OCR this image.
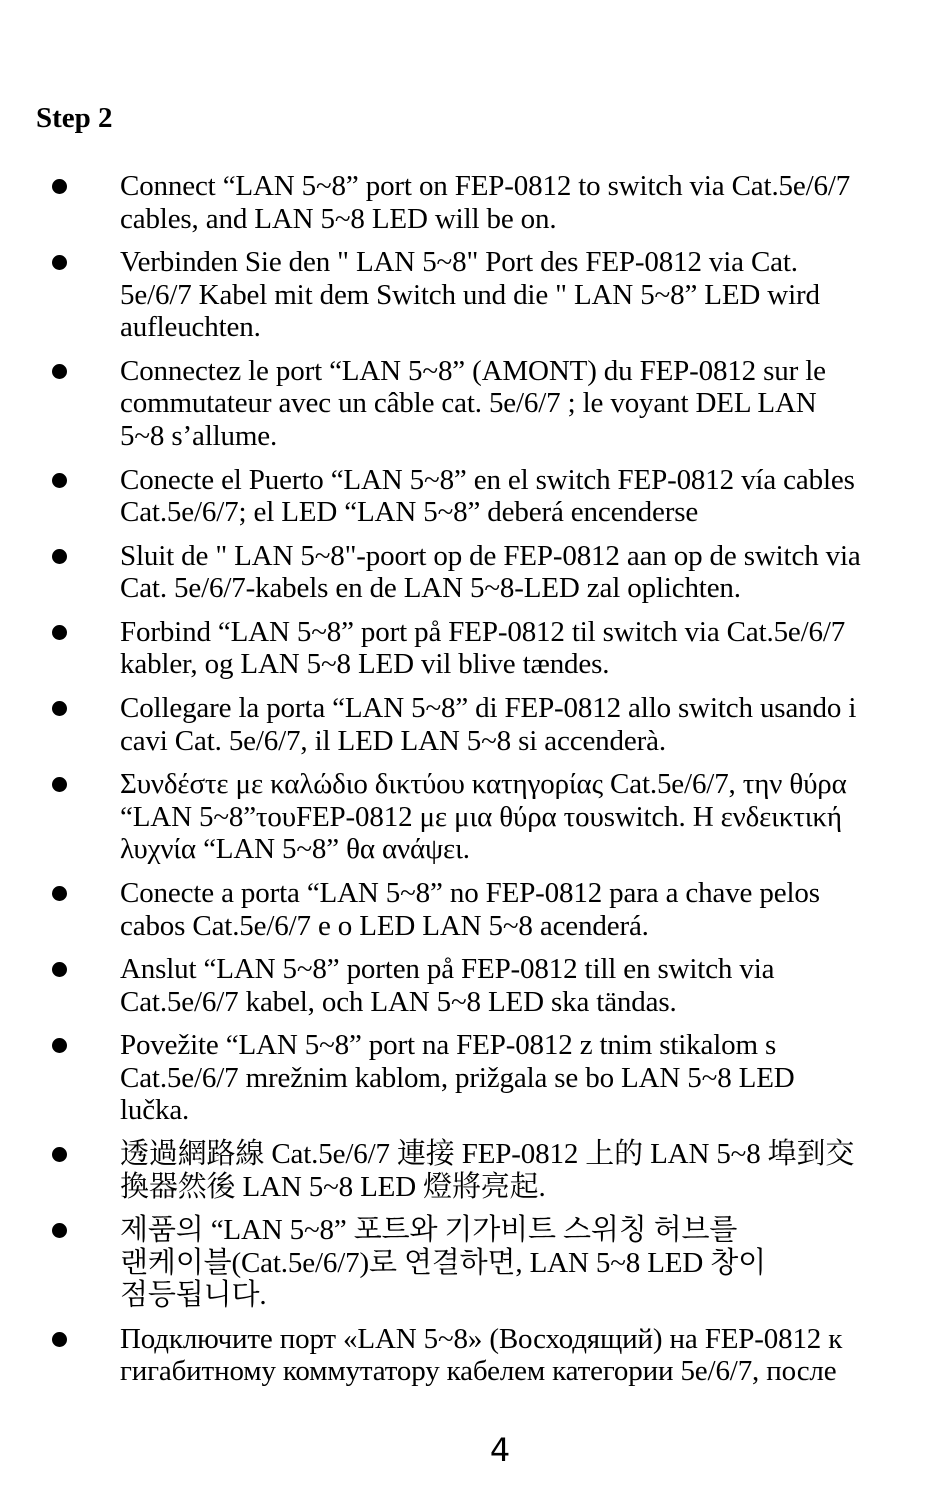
Step 2
Connect “LAN 5~8” port on FEP-0812 to switch via Cat.5e/6/7
cables, and LAN 5~8 LED will be on.
Verbinden Sie den " LAN 5~8" Port des FEP-0812 via Cat.
5e/6/7 Kabel mit dem Switch und die " LAN 5~8” LED wird
aufleuchten.
Connectez le port “LAN 5~8” (AMONT) du FEP-0812 sur le
commutateur avec un câble cat. 5e/6/7 ; le voyant DEL LAN
5~8 s’allume.
Conecte el Puerto “LAN 5~8” en el switch FEP-0812 vía cables
Cat.5e/6/7; el LED “LAN 5~8” deberá encenderse
Sluit de " LAN 5~8"-poort op de FEP-0812 aan op de switch via
Cat. 5e/6/7-kabels en de LAN 5~8-LED zal oplichten.
Forbind “LAN 5~8” port på FEP-0812 til switch via Cat.5e/6/7
kabler, og LAN 5~8 LED vil blive tændes.
Collegare la porta “LAN 5~8” di FEP-0812 allo switch usando i
cavi Cat. 5e/6/7, il LED LAN 5~8 si accenderà.
Συνδέστε με καλώδιο δικτύου κατηγορίας Cat.5e/6/7, την θύρα
“LAN 5~8”τουFEP-0812 με μια θύρα τουswitch. Η ενδεικτική
λυχνία “LAN 5~8” θα ανάψει.
Conecte a porta “LAN 5~8” no FEP-0812 para a chave pelos
cabos Cat.5e/6/7 e o LED LAN 5~8 acenderá.
Anslut “LAN 5~8” porten på FEP-0812 till en switch via
Cat.5e/6/7 kabel, och LAN 5~8 LED ska tändas.
Povežite “LAN 5~8” port na FEP-0812 z tnim stikalom s
Cat.5e/6/7 mrežnim kablom, prižgala se bo LAN 5~8 LED
lučka.
透過網路線 Cat.5e/6/7 連接 FEP-0812 上的 LAN 5~8 埠到交
換器然後 LAN 5~8 LED 燈將亮起.
제품의 “LAN 5~8” 포트와 기가비트 스위칭 허브를
랜케이블(Cat.5e/6/7)로 연결하면, LAN 5~8 LED 창이
점등됩니다.
Подключите порт «LAN 5~8» (Восходящий) на FEP-0812 к
гигабитному коммутатору кабелем категории 5e/6/7, после
4
